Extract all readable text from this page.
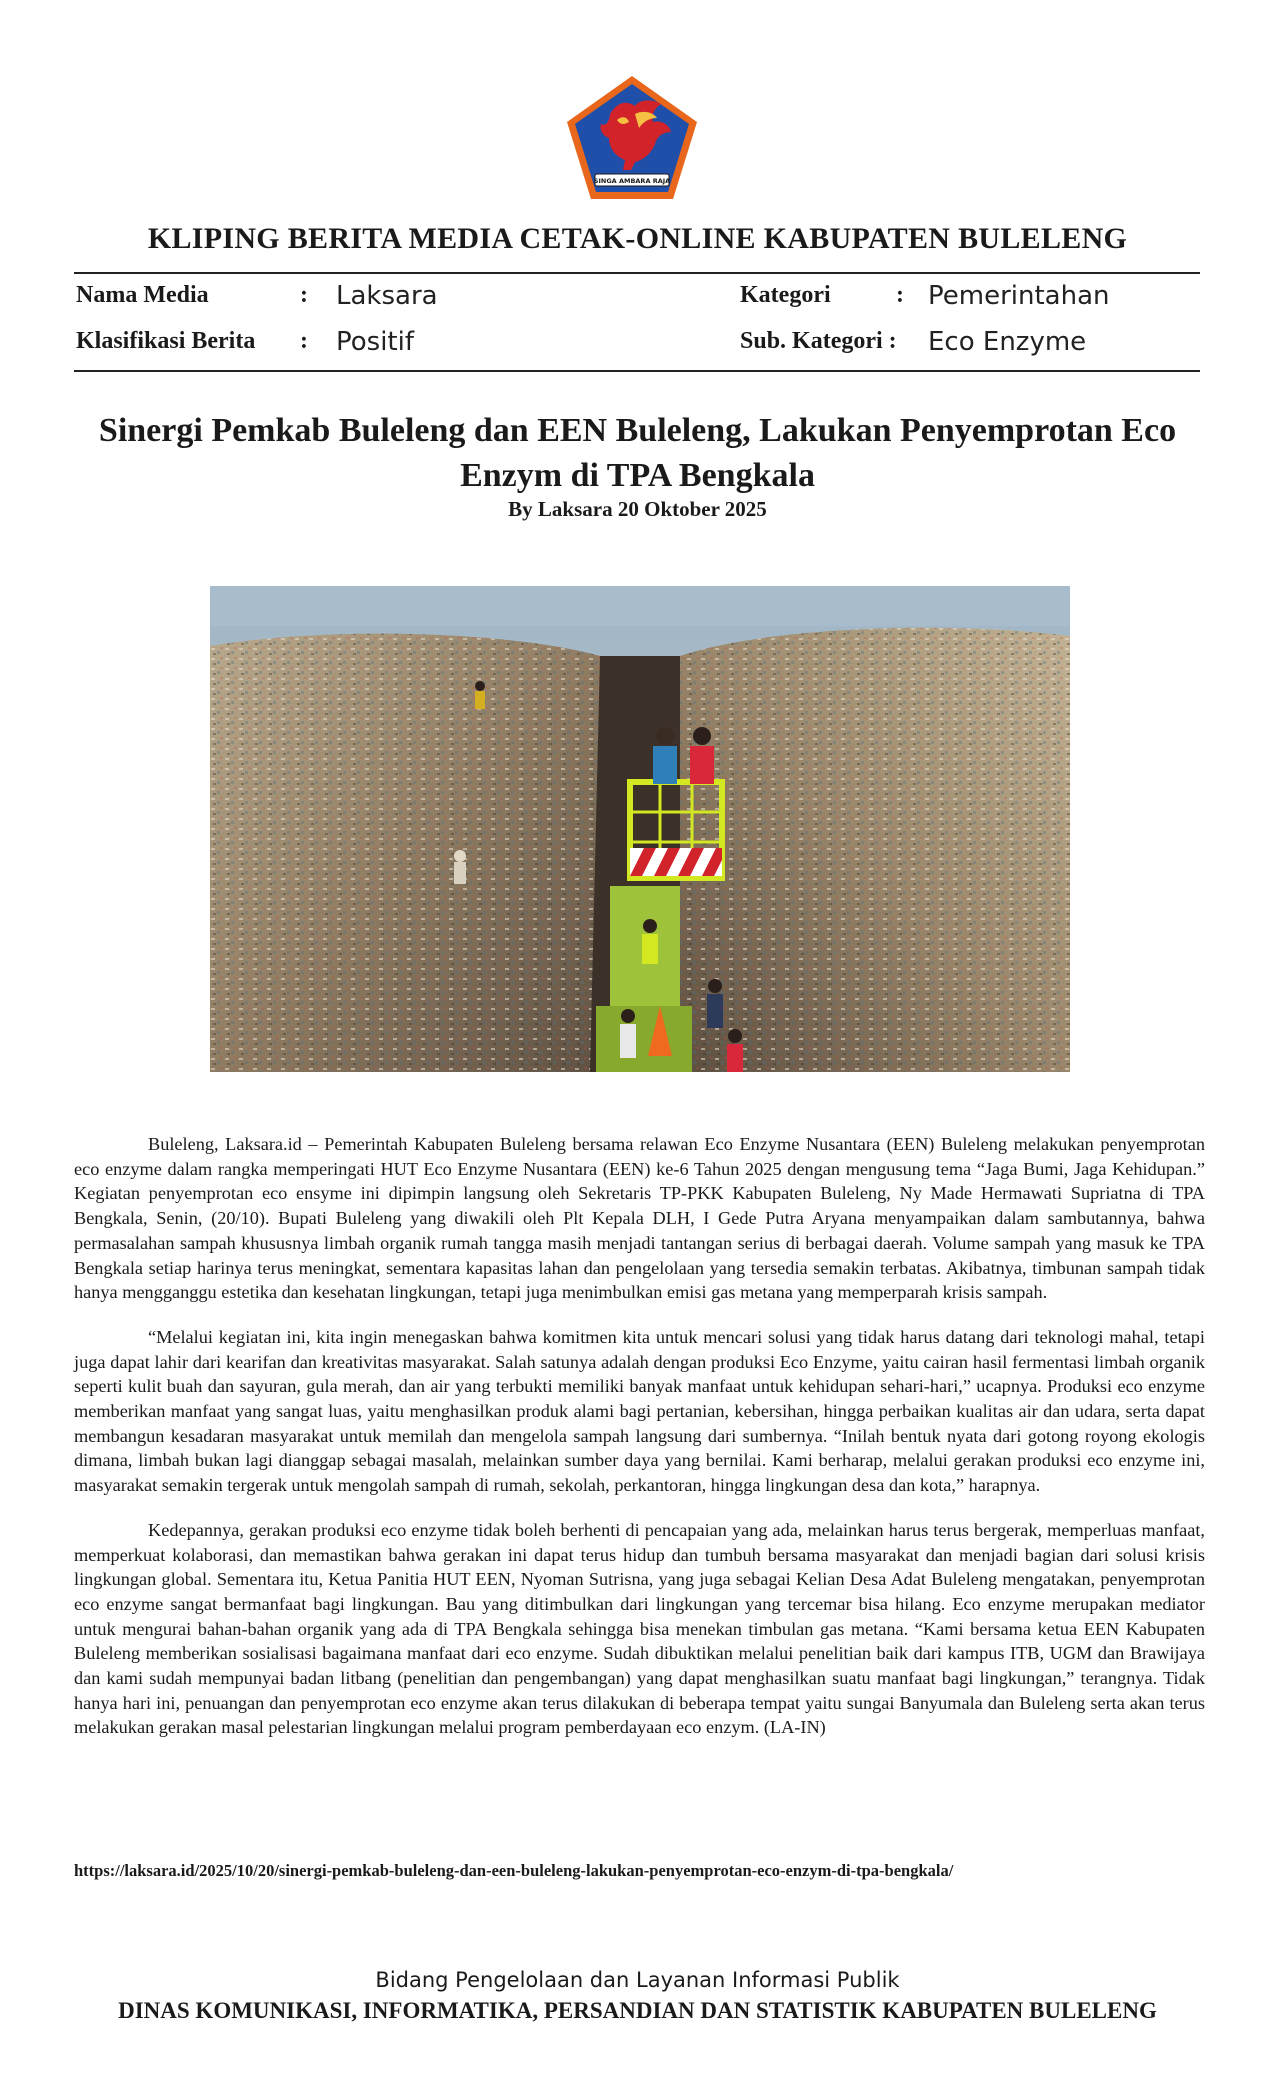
SINGA AMBARA RAJA
KLIPING BERITA MEDIA CETAK-ONLINE KABUPATEN BULELENG
Nama Media	: Laksara	Kategori	: Pemerintahan
Klasifikasi Berita : Positif	Sub. Kategori : Eco Enzyme
Sinergi Pemkab Buleleng dan EEN Buleleng, Lakukan Penyemprotan Eco Enzym di TPA Bengkala
By Laksara 20 Oktober 2025

Buleleng, Laksara.id – Pemerintah Kabupaten Buleleng bersama relawan Eco Enzyme Nusantara (EEN) Buleleng melakukan penyemprotan eco enzyme dalam rangka memperingati HUT Eco Enzyme Nusantara (EEN) ke-6 Tahun 2025 dengan mengusung tema “Jaga Bumi, Jaga Kehidupan.” Kegiatan penyemprotan eco ensyme ini dipimpin langsung oleh Sekretaris TP-PKK Kabupaten Buleleng, Ny Made Hermawati Supriatna di TPA Bengkala, Senin, (20/10). Bupati Buleleng yang diwakili oleh Plt Kepala DLH, I Gede Putra Aryana menyampaikan dalam sambutannya, bahwa permasalahan sampah khususnya limbah organik rumah tangga masih menjadi tantangan serius di berbagai daerah. Volume sampah yang masuk ke TPA Bengkala setiap harinya terus meningkat, sementara kapasitas lahan dan pengelolaan yang tersedia semakin terbatas. Akibatnya, timbunan sampah tidak hanya mengganggu estetika dan kesehatan lingkungan, tetapi juga menimbulkan emisi gas metana yang memperparah krisis sampah.

“Melalui kegiatan ini, kita ingin menegaskan bahwa komitmen kita untuk mencari solusi yang tidak harus datang dari teknologi mahal, tetapi juga dapat lahir dari kearifan dan kreativitas masyarakat. Salah satunya adalah dengan produksi Eco Enzyme, yaitu cairan hasil fermentasi limbah organik seperti kulit buah dan sayuran, gula merah, dan air yang terbukti memiliki banyak manfaat untuk kehidupan sehari-hari,” ucapnya. Produksi eco enzyme memberikan manfaat yang sangat luas, yaitu menghasilkan produk alami bagi pertanian, kebersihan, hingga perbaikan kualitas air dan udara, serta dapat membangun kesadaran masyarakat untuk memilah dan mengelola sampah langsung dari sumbernya. “Inilah bentuk nyata dari gotong royong ekologis dimana, limbah bukan lagi dianggap sebagai masalah, melainkan sumber daya yang bernilai. Kami berharap, melalui gerakan produksi eco enzyme ini, masyarakat semakin tergerak untuk mengolah sampah di rumah, sekolah, perkantoran, hingga lingkungan desa dan kota,” harapnya.

Kedepannya, gerakan produksi eco enzyme tidak boleh berhenti di pencapaian yang ada, melainkan harus terus bergerak, memperluas manfaat, memperkuat kolaborasi, dan memastikan bahwa gerakan ini dapat terus hidup dan tumbuh bersama masyarakat dan menjadi bagian dari solusi krisis lingkungan global. Sementara itu, Ketua Panitia HUT EEN, Nyoman Sutrisna, yang juga sebagai Kelian Desa Adat Buleleng mengatakan, penyemprotan eco enzyme sangat bermanfaat bagi lingkungan. Bau yang ditimbulkan dari lingkungan yang tercemar bisa hilang. Eco enzyme merupakan mediator untuk mengurai bahan-bahan organik yang ada di TPA Bengkala sehingga bisa menekan timbulan gas metana. “Kami bersama ketua EEN Kabupaten Buleleng memberikan sosialisasi bagaimana manfaat dari eco enzyme. Sudah dibuktikan melalui penelitian baik dari kampus ITB, UGM dan Brawijaya dan kami sudah mempunyai badan litbang (penelitian dan pengembangan) yang dapat menghasilkan suatu manfaat bagi lingkungan,” terangnya. Tidak hanya hari ini, penuangan dan penyemprotan eco enzyme akan terus dilakukan di beberapa tempat yaitu sungai Banyumala dan Buleleng serta akan terus melakukan gerakan masal pelestarian lingkungan melalui program pemberdayaan eco enzym. (LA-IN)

https://laksara.id/2025/10/20/sinergi-pemkab-buleleng-dan-een-buleleng-lakukan-penyemprotan-eco-enzym-di-tpa-bengkala/
Bidang Pengelolaan dan Layanan Informasi Publik
DINAS KOMUNIKASI, INFORMATIKA, PERSANDIAN DAN STATISTIK KABUPATEN BULELENG
